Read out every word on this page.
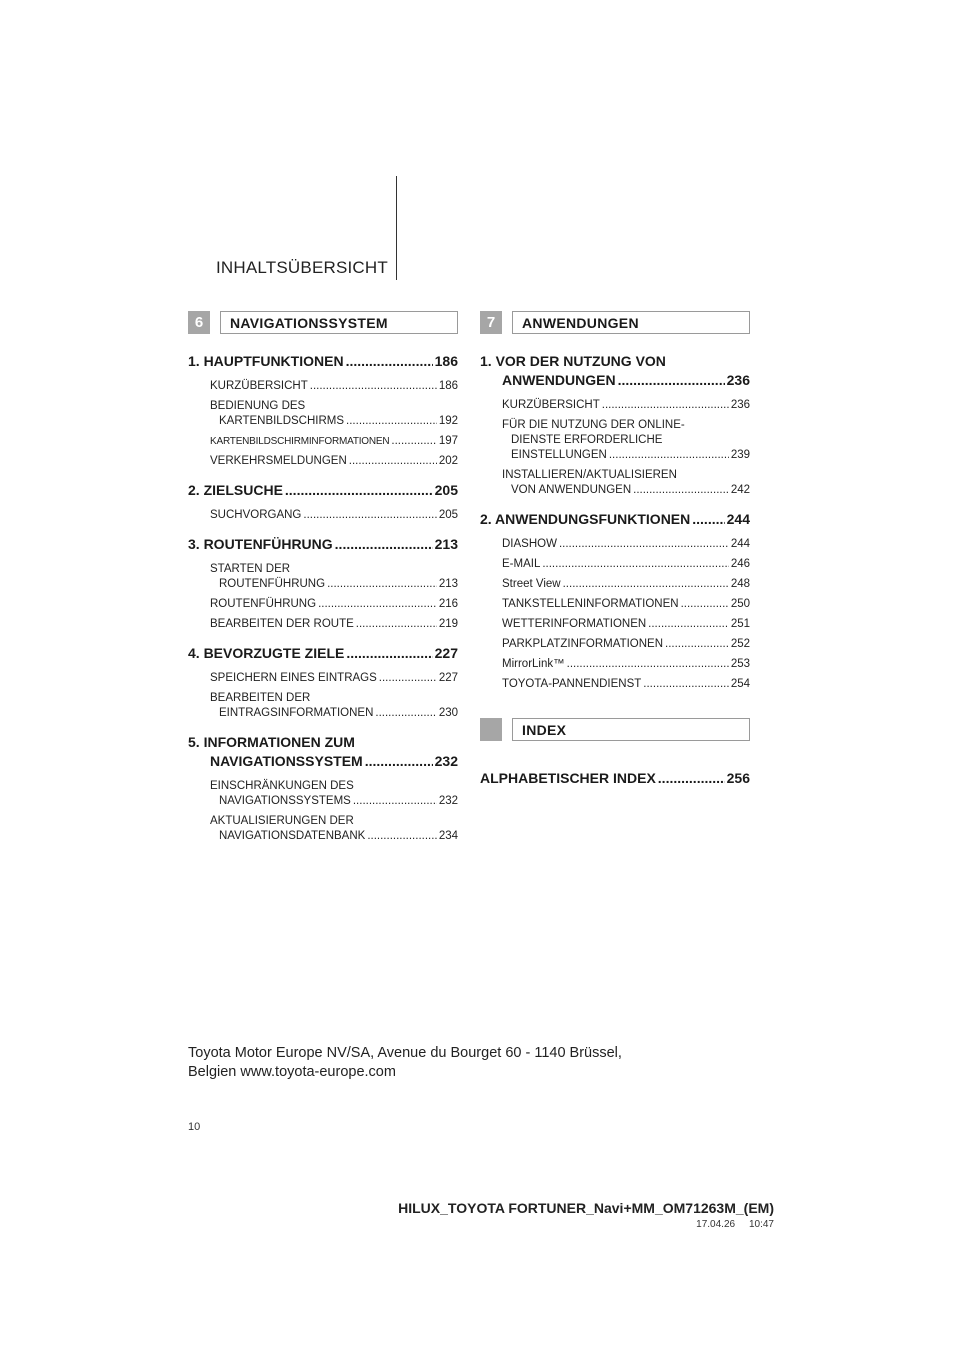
INHALTSÜBERSICHT
6	NAVIGATIONSSYSTEM
1. HAUPTFUNKTIONEN .....	186
KURZÜBERSICHT .....	186
BEDIENUNG DES
KARTENBILDSCHIRMS .....	192
KARTENBILDSCHIRMINFORMATIONEN .....	197
VERKEHRSMELDUNGEN .....	202
2. ZIELSUCHE .....	205
SUCHVORGANG .....	205
3. ROUTENFÜHRUNG .....	213
STARTEN DER
ROUTENFÜHRUNG .....	213
ROUTENFÜHRUNG .....	216
BEARBEITEN DER ROUTE .....	219
4. BEVORZUGTE ZIELE .....	227
SPEICHERN EINES EINTRAGS .....	227
BEARBEITEN DER
EINTRAGSINFORMATIONEN .....	230
5. INFORMATIONEN ZUM
NAVIGATIONSSYSTEM .....	232
EINSCHRÄNKUNGEN DES
NAVIGATIONSSYSTEMS .....	232
AKTUALISIERUNGEN DER
NAVIGATIONSDATENBANK .....	234
7	ANWENDUNGEN
1. VOR DER NUTZUNG VON
ANWENDUNGEN .....	236
KURZÜBERSICHT .....	236
FÜR DIE NUTZUNG DER ONLINE-
DIENSTE ERFORDERLICHE
EINSTELLUNGEN .....	239
INSTALLIEREN/AKTUALISIEREN
VON ANWENDUNGEN .....	242
2. ANWENDUNGSFUNKTIONEN .....	244
DIASHOW .....	244
E-MAIL .....	246
Street View .....	248
TANKSTELLENINFORMATIONEN .....	250
WETTERINFORMATIONEN .....	251
PARKPLATZINFORMATIONEN .....	252
MirrorLink™ .....	253
TOYOTA-PANNENDIENST .....	254
INDEX
ALPHABETISCHER INDEX .....	256
Toyota Motor Europe NV/SA, Avenue du Bourget 60 - 1140 Brüssel,
Belgien www.toyota-europe.com
10
HILUX_TOYOTA FORTUNER_Navi+MM_OM71263M_(EM)
17.04.26     10:47
